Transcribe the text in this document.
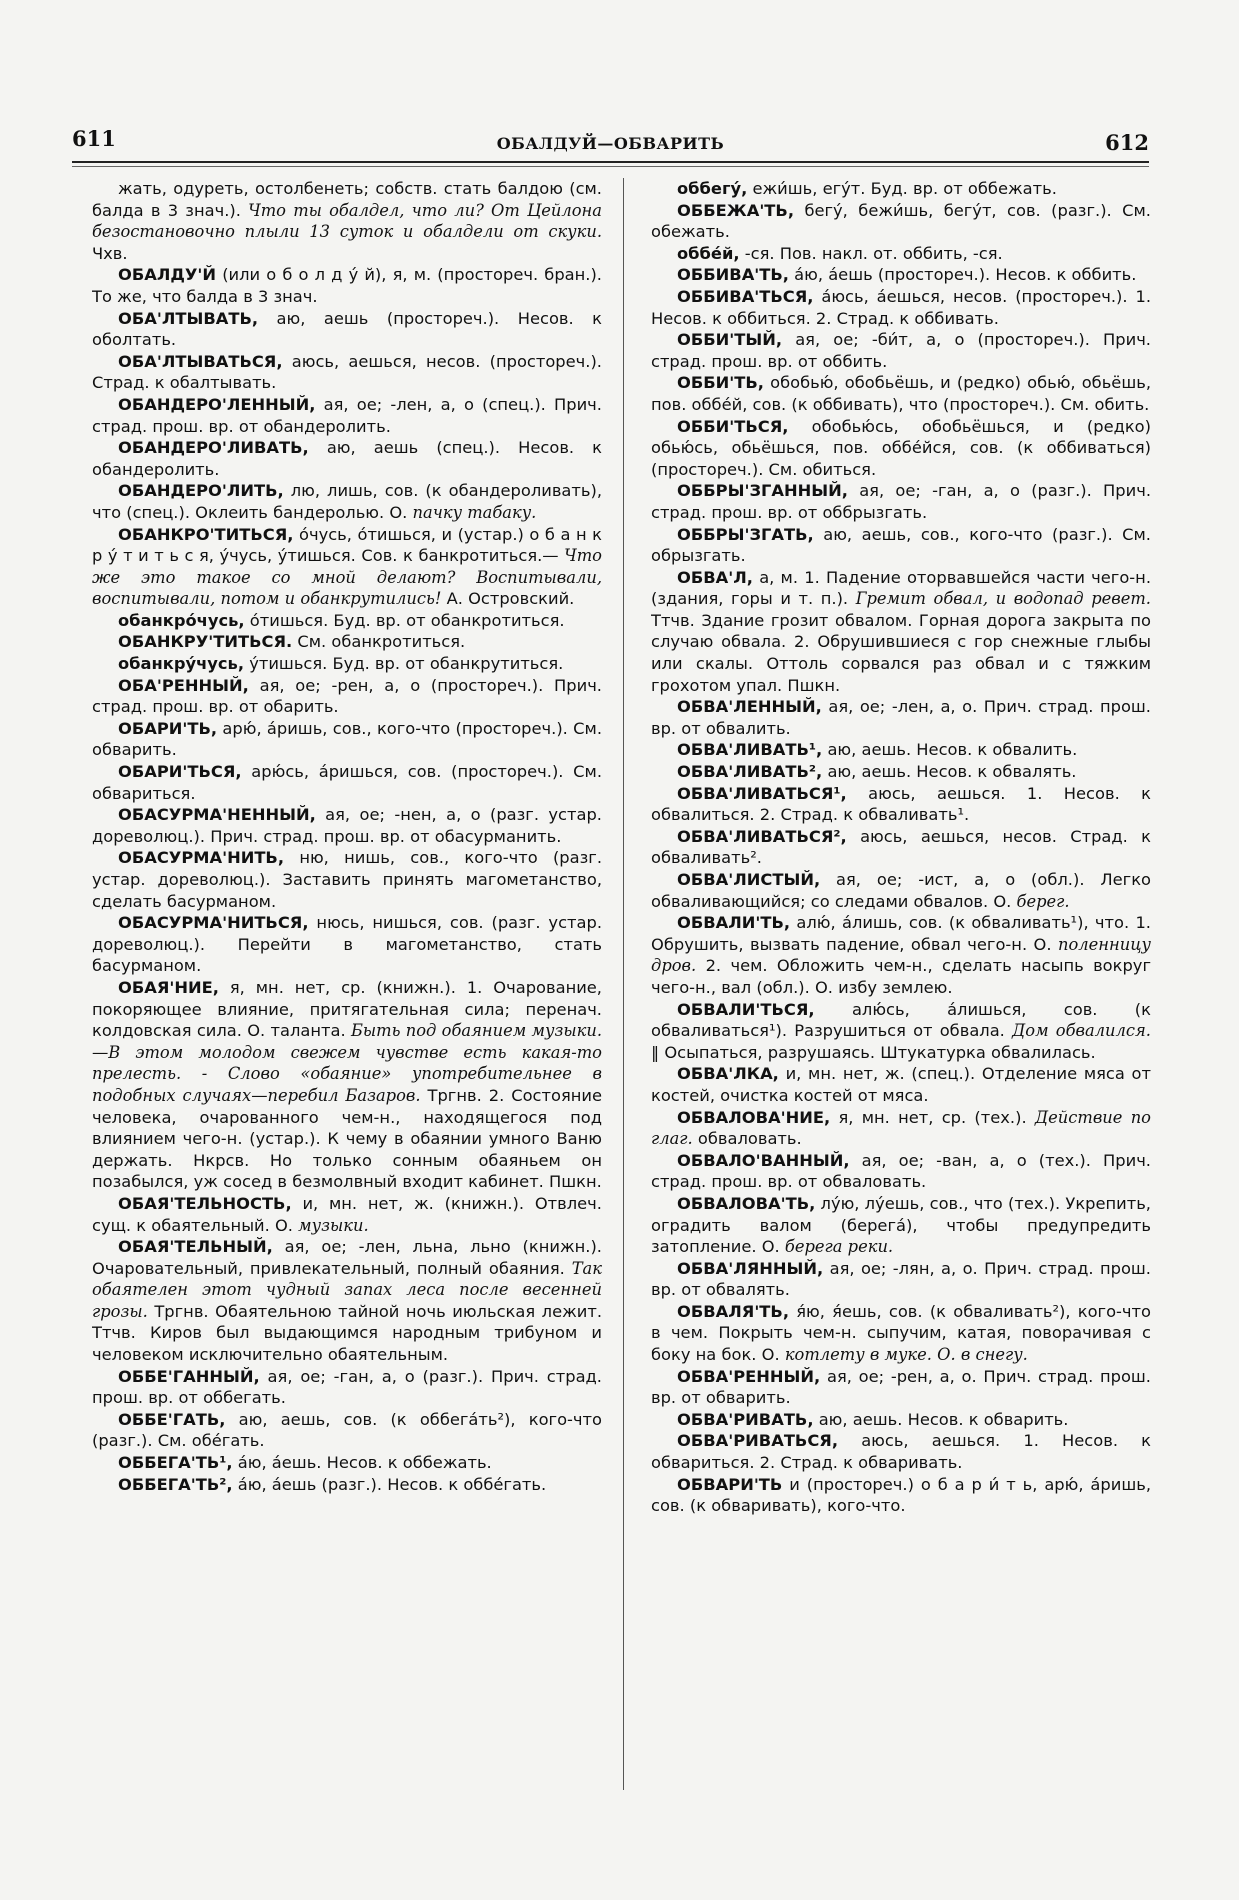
611	ОБАЛДУЙ—ОБВАРИТЬ	612

жать, одуреть, остолбенеть; собств. стать балдою (см. балда в 3 знач.). Что ты обалдел, что ли? От Цейлона безостановочно плыли 13 суток и обалдели от скуки. Чхв.

ОБАЛДУ'Й (или о б о л д у́ й), я, м. (простореч. бран.). То же, что балда в 3 знач.

ОБА'ЛТЫВАТЬ, аю, аешь (простореч.). Несов. к оболтать.

ОБА'ЛТЫВАТЬСЯ, аюсь, аешься, несов. (простореч.). Страд. к обалтывать.

ОБАНДЕРО'ЛЕННЫЙ, ая, ое; -лен, а, о (спец.). Прич. страд. прош. вр. от обандеролить.

ОБАНДЕРО'ЛИВАТЬ, аю, аешь (спец.). Несов. к обандеролить.

ОБАНДЕРО'ЛИТЬ, лю, лишь, сов. (к обандероливать), что (спец.). Оклеить бандеролью. О. пачку табаку.

ОБАНКРО'ТИТЬСЯ, о́чусь, о́тишься, и (устар.) о б а н к р у́ т и т ь с я, у́чусь, у́тишься. Сов. к банкротиться.— Что же это такое со мной делают? Воспитывали, воспитывали, потом и обанкрутились! А. Островский.

обанкро́чусь, о́тишься. Буд. вр. от обанкротиться.

ОБАНКРУ'ТИТЬСЯ. См. обанкротиться.

обанкру́чусь, у́тишься. Буд. вр. от обанкрутиться.

ОБА'РЕННЫЙ, ая, ое; -рен, а, о (простореч.). Прич. страд. прош. вр. от обарить.

ОБАРИ'ТЬ, арю́, а́ришь, сов., кого-что (простореч.). См. обварить.

ОБАРИ'ТЬСЯ, арю́сь, а́ришься, сов. (простореч.). См. обвариться.

ОБАСУРМА'НЕННЫЙ, ая, ое; -нен, а, о (разг. устар. дореволюц.). Прич. страд. прош. вр. от обасурманить.

ОБАСУРМА'НИТЬ, ню, нишь, сов., кого-что (разг. устар. дореволюц.). Заставить принять магометанство, сделать басурманом.

ОБАСУРМА'НИТЬСЯ, нюсь, нишься, сов. (разг. устар. дореволюц.). Перейти в магометанство, стать басурманом.

ОБАЯ'НИЕ, я, мн. нет, ср. (книжн.). 1. Очарование, покоряющее влияние, притягательная сила; перенач. колдовская сила. О. таланта. Быть под обаянием музыки.—В этом молодом свежем чувстве есть какая-то прелесть. - Слово «обаяние» употребительнее в подобных случаях—перебил Базаров. Тргнв. 2. Состояние человека, очарованного чем-н., находящегося под влиянием чего-н. (устар.). К чему в обаянии умного Ваню держать. Нкрсв. Но только сонным обаяньем он позабылся, уж сосед в безмолвный входит кабинет. Пшкн.

ОБАЯ'ТЕЛЬНОСТЬ, и, мн. нет, ж. (книжн.). Отвлеч. сущ. к обаятельный. О. музыки.

ОБАЯ'ТЕЛЬНЫЙ, ая, ое; -лен, льна, льно (книжн.). Очаровательный, привлекательный, полный обаяния. Так обаятелен этот чудный запах леса после весенней грозы. Тргнв. Обаятельною тайной ночь июльская лежит. Ттчв. Киров был выдающимся народным трибуном и человеком исключительно обаятельным.

ОББЕ'ГАННЫЙ, ая, ое; -ган, а, о (разг.). Прич. страд. прош. вр. от оббегать.

ОББЕ'ГАТЬ, аю, аешь, сов. (к оббега́ть²), кого-что (разг.). См. обе́гать.

ОББЕГА'ТЬ¹, а́ю, а́ешь. Несов. к оббежать.

ОББЕГА'ТЬ², а́ю, а́ешь (разг.). Несов. к оббе́гать.

оббегу́, ежи́шь, егу́т. Буд. вр. от оббежать.

ОББЕЖА'ТЬ, бегу́, бежи́шь, бегу́т, сов. (разг.). См. обежать.

оббе́й, -ся. Пов. накл. от. оббить, -ся.

ОББИВА'ТЬ, а́ю, а́ешь (простореч.). Несов. к оббить.

ОББИВА'ТЬСЯ, а́юсь, а́ешься, несов. (простореч.). 1. Несов. к оббиться. 2. Страд. к оббивать.

ОББИ'ТЫЙ, ая, ое; -би́т, а, о (простореч.). Прич. страд. прош. вр. от оббить.

ОББИ'ТЬ, обобью́, обобьёшь, и (редко) обью́, обьёшь, пов. оббе́й, сов. (к оббивать), что (простореч.). См. обить.

ОББИ'ТЬСЯ, обобью́сь, обобьёшься, и (редко) обью́сь, обьёшься, пов. оббе́йся, сов. (к оббиваться) (простореч.). См. обиться.

ОББРЫ'ЗГАННЫЙ, ая, ое; -ган, а, о (разг.). Прич. страд. прош. вр. от оббрызгать.

ОББРЫ'ЗГАТЬ, аю, аешь, сов., кого-что (разг.). См. обрызгать.

ОБВА'Л, а, м. 1. Падение оторвавшейся части чего-н. (здания, горы и т. п.). Гремит обвал, и водопад ревет. Ттчв. Здание грозит обвалом. Горная дорога закрыта по случаю обвала. 2. Обрушившиеся с гор снежные глыбы или скалы. Оттоль сорвался раз обвал и с тяжким грохотом упал. Пшкн.

ОБВА'ЛЕННЫЙ, ая, ое; -лен, а, о. Прич. страд. прош. вр. от обвалить.

ОБВА'ЛИВАТЬ¹, аю, аешь. Несов. к обвалить.

ОБВА'ЛИВАТЬ², аю, аешь. Несов. к обвалять.

ОБВА'ЛИВАТЬСЯ¹, аюсь, аешься. 1. Несов. к обвалиться. 2. Страд. к обваливать¹.

ОБВА'ЛИВАТЬСЯ², аюсь, аешься, несов. Страд. к обваливать².

ОБВА'ЛИСТЫЙ, ая, ое; -ист, а, о (обл.). Легко обваливающийся; со следами обвалов. О. берег.

ОБВАЛИ'ТЬ, алю́, а́лишь, сов. (к обваливать¹), что. 1. Обрушить, вызвать падение, обвал чего-н. О. поленницу дров. 2. чем. Обложить чем-н., сделать насыпь вокруг чего-н., вал (обл.). О. избу землею.

ОБВАЛИ'ТЬСЯ, алю́сь, а́лишься, сов. (к обваливаться¹). Разрушиться от обвала. Дом обвалился. ‖ Осыпаться, разрушаясь. Штукатурка обвалилась.

ОБВА'ЛКА, и, мн. нет, ж. (спец.). Отделение мяса от костей, очистка костей от мяса.

ОБВАЛОВА'НИЕ, я, мн. нет, ср. (тех.). Действие по глаг. обваловать.

ОБВАЛО'ВАННЫЙ, ая, ое; -ван, а, о (тех.). Прич. страд. прош. вр. от обваловать.

ОБВАЛОВА'ТЬ, лу́ю, лу́ешь, сов., что (тех.). Укрепить, оградить валом (берега́), чтобы предупредить затопление. О. берега реки.

ОБВА'ЛЯННЫЙ, ая, ое; -лян, а, о. Прич. страд. прош. вр. от обвалять.

ОБВАЛЯ'ТЬ, я́ю, я́ешь, сов. (к обваливать²), кого-что в чем. Покрыть чем-н. сыпучим, катая, поворачивая с боку на бок. О. котлету в муке. О. в снегу.

ОБВА'РЕННЫЙ, ая, ое; -рен, а, о. Прич. страд. прош. вр. от обварить.

ОБВА'РИВАТЬ, аю, аешь. Несов. к обварить.

ОБВА'РИВАТЬСЯ, аюсь, аешься. 1. Несов. к обвариться. 2. Страд. к обваривать.

ОБВАРИ'ТЬ и (простореч.) о б а р и́ т ь, арю́, а́ришь, сов. (к обваривать), кого-что.
